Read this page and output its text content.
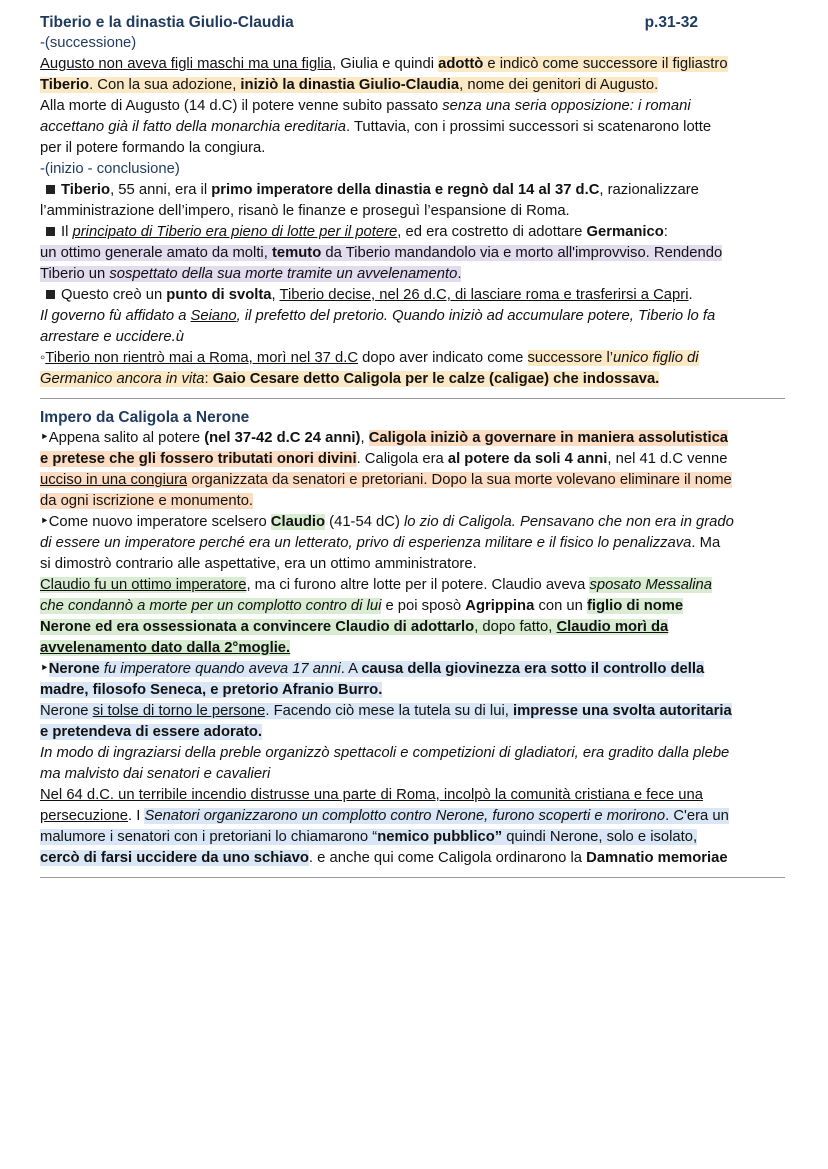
Tiberio e la dinastia Giulio-Claudia	p.31-32
-(successione)
Augusto non aveva figli maschi ma una figlia, Giulia e quindi adottò e indicò come successore il figliastro
Tiberio. Con la sua adozione, iniziò la dinastia Giulio-Claudia, nome dei genitori di Augusto.
Alla morte di Augusto (14 d.C) il potere venne subito passato senza una seria opposizione: i romani
accettano già il fatto della monarchia ereditaria. Tuttavia, con i prossimi successori si scatenarono lotte
per il potere formando la congiura.
-(inizio - conclusione)
Tiberio, 55 anni, era il primo imperatore della dinastia e regnò dal 14 al 37 d.C, razionalizzare
l’amministrazione dell’impero, risanò le finanze e proseguì l’espansione di Roma.
Il principato di Tiberio era pieno di lotte per il potere, ed era costretto di adottare Germanico:
un ottimo generale amato da molti, temuto da Tiberio mandandolo via e morto all'improvviso. Rendendo
Tiberio un sospettato della sua morte tramite un avvelenamento.
Questo creò un punto di svolta, Tiberio decise, nel 26 d.C, di lasciare roma e trasferirsi a Capri.
Il governo fù affidato a Seiano, il prefetto del pretorio. Quando iniziò ad accumulare potere, Tiberio lo fa
arrestare e uccidere.ù
◦Tiberio non rientrò mai a Roma, morì nel 37 d.C dopo aver indicato come successore l’unico figlio di
Germanico ancora in vita: Gaio Cesare detto Caligola per le calze (caligae) che indossava.
Impero da Caligola a Nerone
‣Appena salito al potere (nel 37-42 d.C 24 anni), Caligola iniziò a governare in maniera assolutistica
e pretese che gli fossero tributati onori divini. Caligola era al potere da soli 4 anni, nel 41 d.C venne
ucciso in una congiura organizzata da senatori e pretoriani. Dopo la sua morte volevano eliminare il nome
da ogni iscrizione e monumento.
‣Come nuovo imperatore scelsero Claudio (41-54 dC) lo zio di Caligola. Pensavano che non era in grado
di essere un imperatore perché era un letterato, privo di esperienza militare e il fisico lo penalizzava. Ma
si dimostrò contrario alle aspettative, era un ottimo amministratore.
Claudio fu un ottimo imperatore, ma ci furono altre lotte per il potere. Claudio aveva sposato Messalina
che condannò a morte per un complotto contro di lui e poi sposò Agrippina con un figlio di nome
Nerone ed era ossessionata a convincere Claudio di adottarlo, dopo fatto, Claudio morì da
avvelenamento dato dalla 2°moglie.
‣Nerone fu imperatore quando aveva 17 anni. A causa della giovinezza era sotto il controllo della
madre, filosofo Seneca, e pretorio Afranio Burro.
Nerone si tolse di torno le persone. Facendo ciò mese la tutela su di lui, impresse una svolta autoritaria
e pretendeva di essere adorato.
In modo di ingraziarsi della preble organizzò spettacoli e competizioni di gladiatori, era gradito dalla plebe
ma malvisto dai senatori e cavalieri
Nel 64 d.C. un terribile incendio distrusse una parte di Roma, incolpò la comunità cristiana e fece una
persecuzione. I Senatori organizzarono un complotto contro Nerone, furono scoperti e morirono. C'era un
malumore i senatori con i pretoriani lo chiamarono “nemico pubblico” quindi Nerone, solo e isolato,
cercò di farsi uccidere da uno schiavo. e anche qui come Caligola ordinarono la Damnatio memoriae
